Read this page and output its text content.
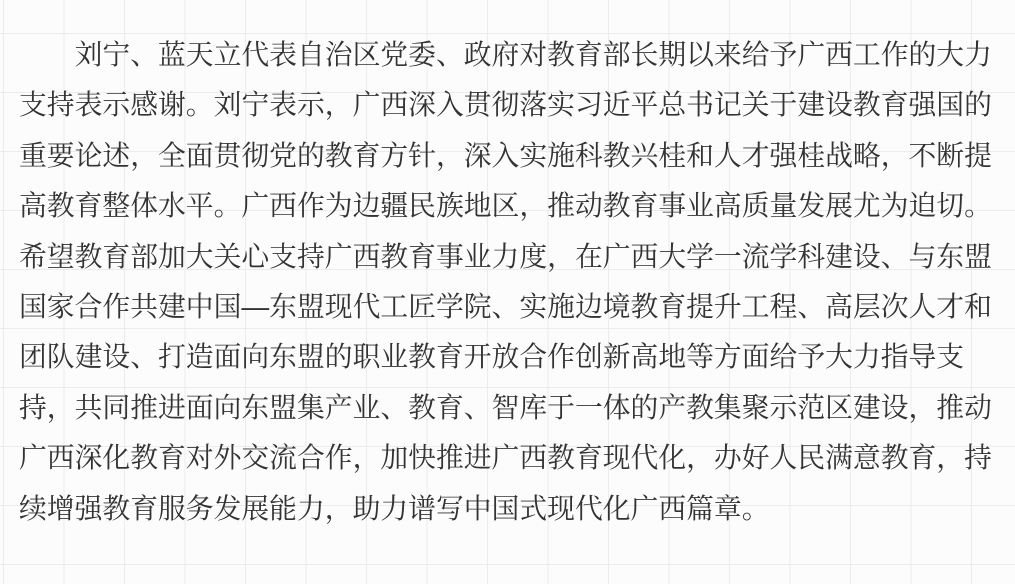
　　刘宁、蓝天立代表自治区党委、政府对教育部长期以来给予广西工作的大力
支持表示感谢。刘宁表示，广西深入贯彻落实习近平总书记关于建设教育强国的
重要论述，全面贯彻党的教育方针，深入实施科教兴桂和人才强桂战略，不断提
高教育整体水平。广西作为边疆民族地区，推动教育事业高质量发展尤为迫切。
希望教育部加大关心支持广西教育事业力度，在广西大学一流学科建设、与东盟
国家合作共建中国—东盟现代工匠学院、实施边境教育提升工程、高层次人才和
团队建设、打造面向东盟的职业教育开放合作创新高地等方面给予大力指导支
持，共同推进面向东盟集产业、教育、智库于一体的产教集聚示范区建设，推动
广西深化教育对外交流合作，加快推进广西教育现代化，办好人民满意教育，持
续增强教育服务发展能力，助力谱写中国式现代化广西篇章。
